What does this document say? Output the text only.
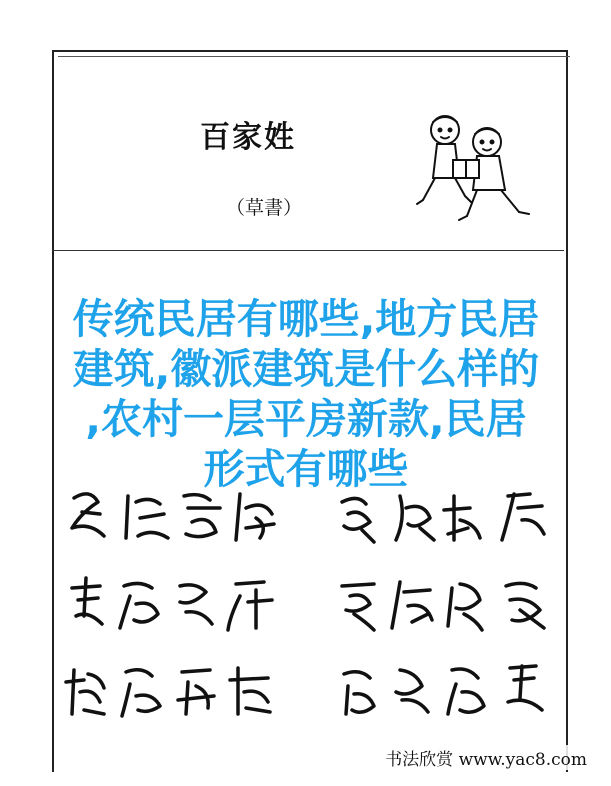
百家姓
（草書）
传统民居有哪些,地方民居
建筑,徽派建筑是什么样的
,农村一层平房新款,民居
形式有哪些
书法欣赏 www.yac8.com
